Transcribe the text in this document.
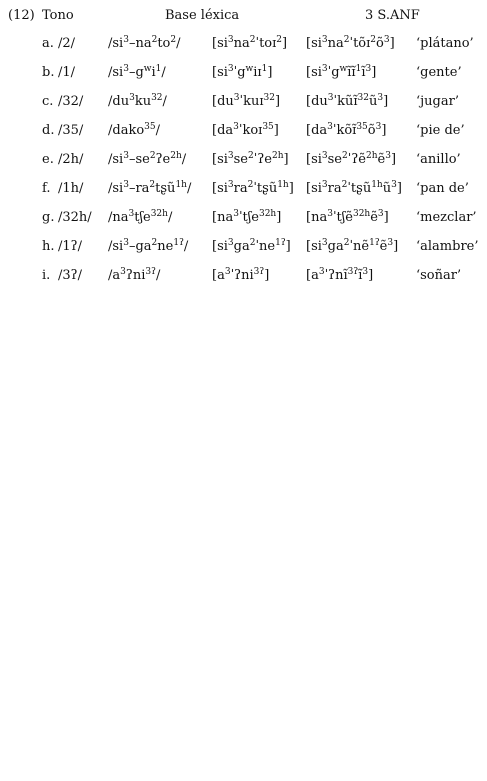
(12) Tono	Base léxica	3 S.ANF
a. /2/	$/si^3-na^2to^2/$ $[si^3na^2ˈtoɪ^2]$ $[si^3na^2ˈtõɪ^2õ^3]$ ‘plátano’
b. /1/	$/si^3-g^wi^1/$	$[si^3ˈg^wiɪ^1]$	$[si^3ˈg^wĩɪ̃^1ĩ^3]$	‘gente’
c. /32/ $/du^3ku^{32}/$	$[du^3ˈkuɪ^{32}]$ $[du^3ˈkũɪ̃^{32}ũ^3]$ ‘jugar’
d. /35/ /dako$^{35}$/	$[da^3ˈkoɪ^{35}]$ $[da^3ˈkõɪ̃^{35}õ^3]$ ‘pie de’
e. /2h/ $/si^3-se^2ʔe^{2h}/$ $[si^3se^2ˈʔe^{2h}]$ $[si^3se^2ˈʔẽ^{2h}ẽ^3]$ ‘anillo’
f. /1h/ $/si^3-ra^2tʂũ^{1h}/$ $[si^3ra^2ˈtʂũ^{1h}]$ $[si^3ra^2ˈtʂũ^{1h}ũ^3]$ ‘pan de’
g. /32h/ $/na^3tʃe^{32h}/$	$[na^3ˈtʃe^{32h}]$ $[na^3ˈtʃẽ^{32h}ẽ^3]$ ‘mezclar’
h. /1ʔ/ $/si^3-ga^2ne^{1ʔ}/$ $[si^3ga^2ˈne^{1ʔ}]$ $[si^3ga^2ˈnẽ^{1ʔ}ẽ^3]$ ‘alambre’
i. /3ʔ/ $/a^3ʔni^{3ʔ}/$	$[a^3ˈʔni^{3ʔ}]$	$[a^3ˈʔnĩ^{3ʔ}ĩ^3]$	‘soñar’
